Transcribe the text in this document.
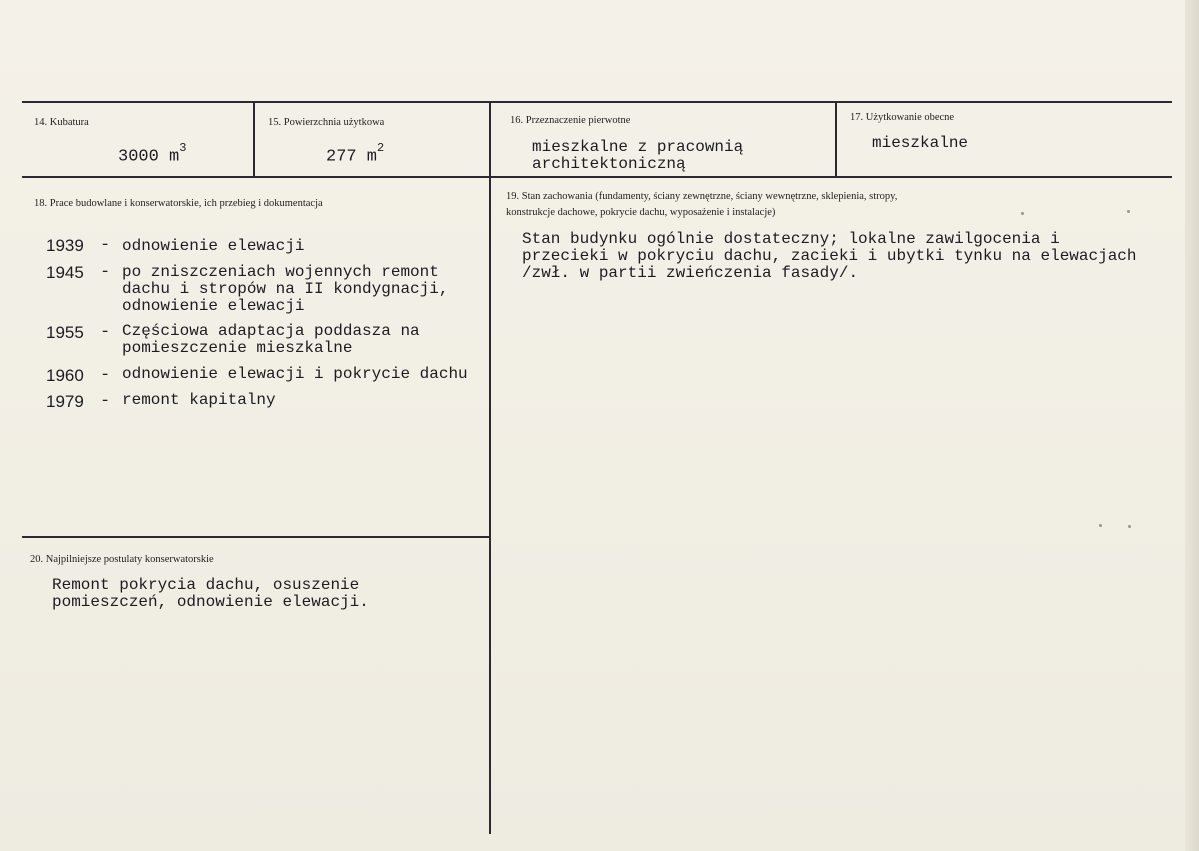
14. Kubatura
3000 $m^3$
15. Powierzchnia użytkowa
277 $m^2$
16. Przeznaczenie pierwotne
mieszkalne z pracownią
architektoniczną
17. Użytkowanie obecne
mieszkalne
18. Prace budowlane i konserwatorskie, ich przebieg i dokumentacja
1939 - odnowienie elewacji
1945 - po zniszczeniach wojennych remont
dachu i stropów na II kondygnacji,
odnowienie elewacji
1955 - Częściowa adaptacja poddasza na
pomieszczenie mieszkalne
1960 - odnowienie elewacji i pokrycie dachu
1979 - remont kapitalny
19. Stan zachowania (fundamenty, ściany zewnętrzne, ściany wewnętrzne, sklepienia, stropy,
konstrukcje dachowe, pokrycie dachu, wyposażenie i instalacje)
Stan budynku ogólnie dostateczny; lokalne zawilgocenia i
przecieki w pokryciu dachu, zacieki i ubytki tynku na elewacjach
/zwł. w partii zwieńczenia fasady/.
20. Najpilniejsze postulaty konserwatorskie
Remont pokrycia dachu, osuszenie
pomieszczeń, odnowienie elewacji.
